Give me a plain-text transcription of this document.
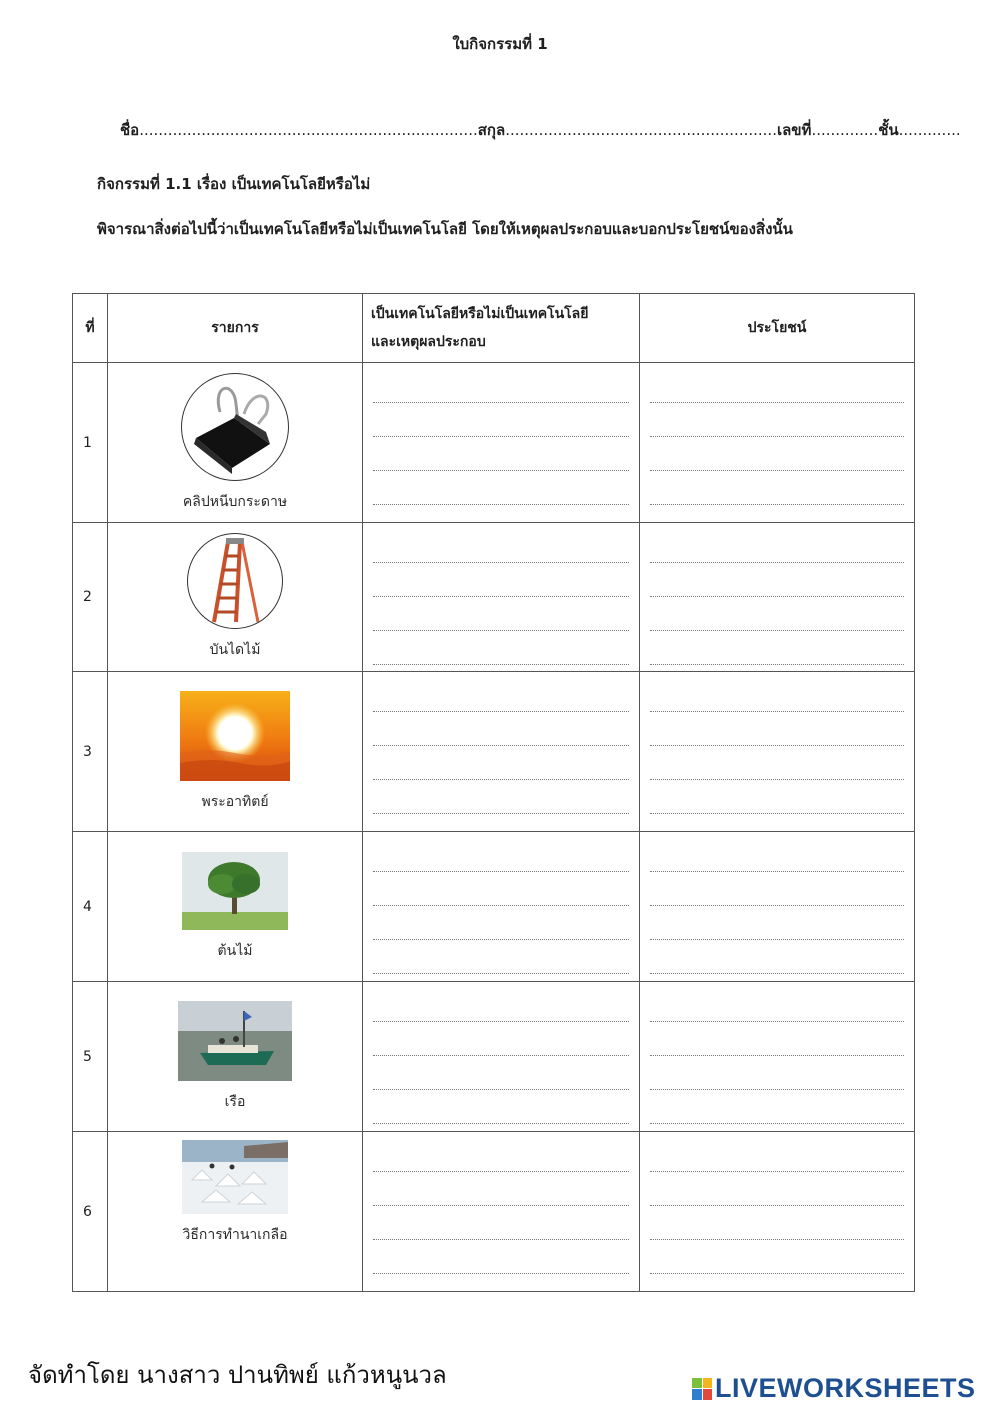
ใบกิจกรรมที่ 1
ชื่อ.......................................................................สกุล.........................................................เลขที่..............ชั้น.............
กิจกรรมที่ 1.1 เรื่อง เป็นเทคโนโลยีหรือไม่
พิจารณาสิ่งต่อไปนี้ว่าเป็นเทคโนโลยีหรือไม่เป็นเทคโนโลยี โดยให้เหตุผลประกอบและบอกประโยชน์ของสิ่งนั้น
ที่	รายการ	เป็นเทคโนโลยีหรือไม่เป็นเทคโนโลยี
และเหตุผลประกอบ	ประโยชน์
1	คลิปหนีบกระดาษ		

2	บันไดไม้		

3	พระอาทิตย์		

4	ต้นไม้		

5	เรือ		

6	วิธีการทำนาเกลือ		

จัดทำโดย นางสาว ปานทิพย์ แก้วหนูนวล	LIVEWORKSHEETS
